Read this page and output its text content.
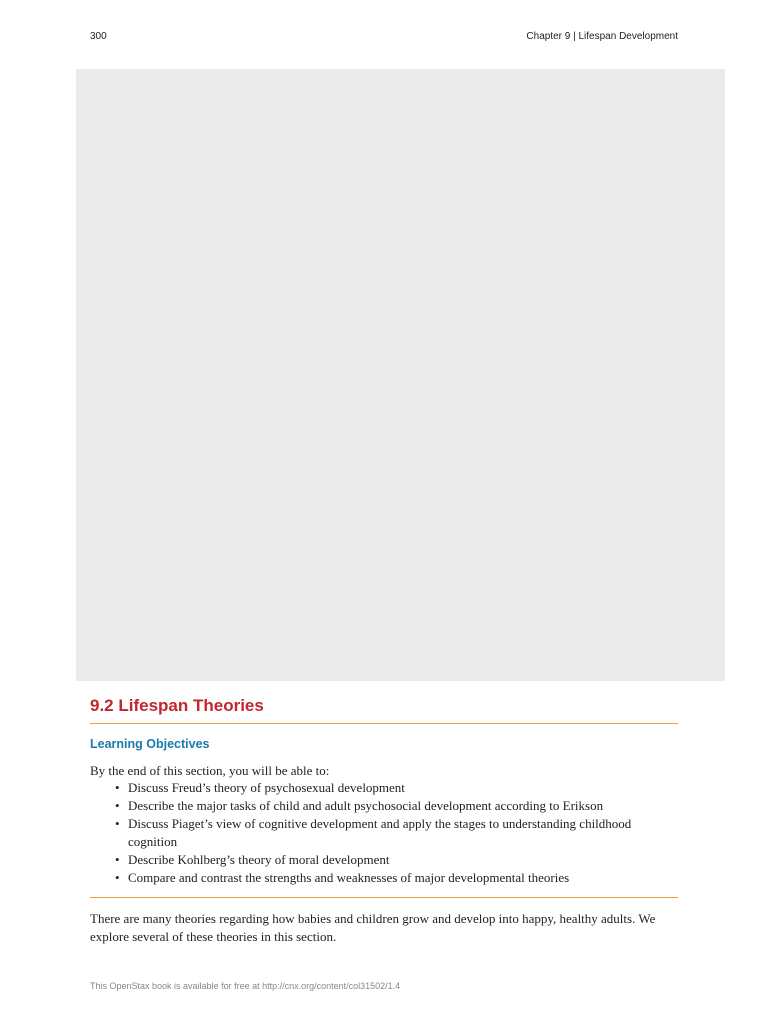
300	Chapter 9 | Lifespan Development
9.2 Lifespan Theories
Learning Objectives
By the end of this section, you will be able to:
• Discuss Freud’s theory of psychosexual development
• Describe the major tasks of child and adult psychosocial development according to Erikson
• Discuss Piaget’s view of cognitive development and apply the stages to understanding childhood cognition
• Describe Kohlberg’s theory of moral development
• Compare and contrast the strengths and weaknesses of major developmental theories

There are many theories regarding how babies and children grow and develop into happy, healthy adults. We explore several of these theories in this section.

This OpenStax book is available for free at http://cnx.org/content/col31502/1.4
